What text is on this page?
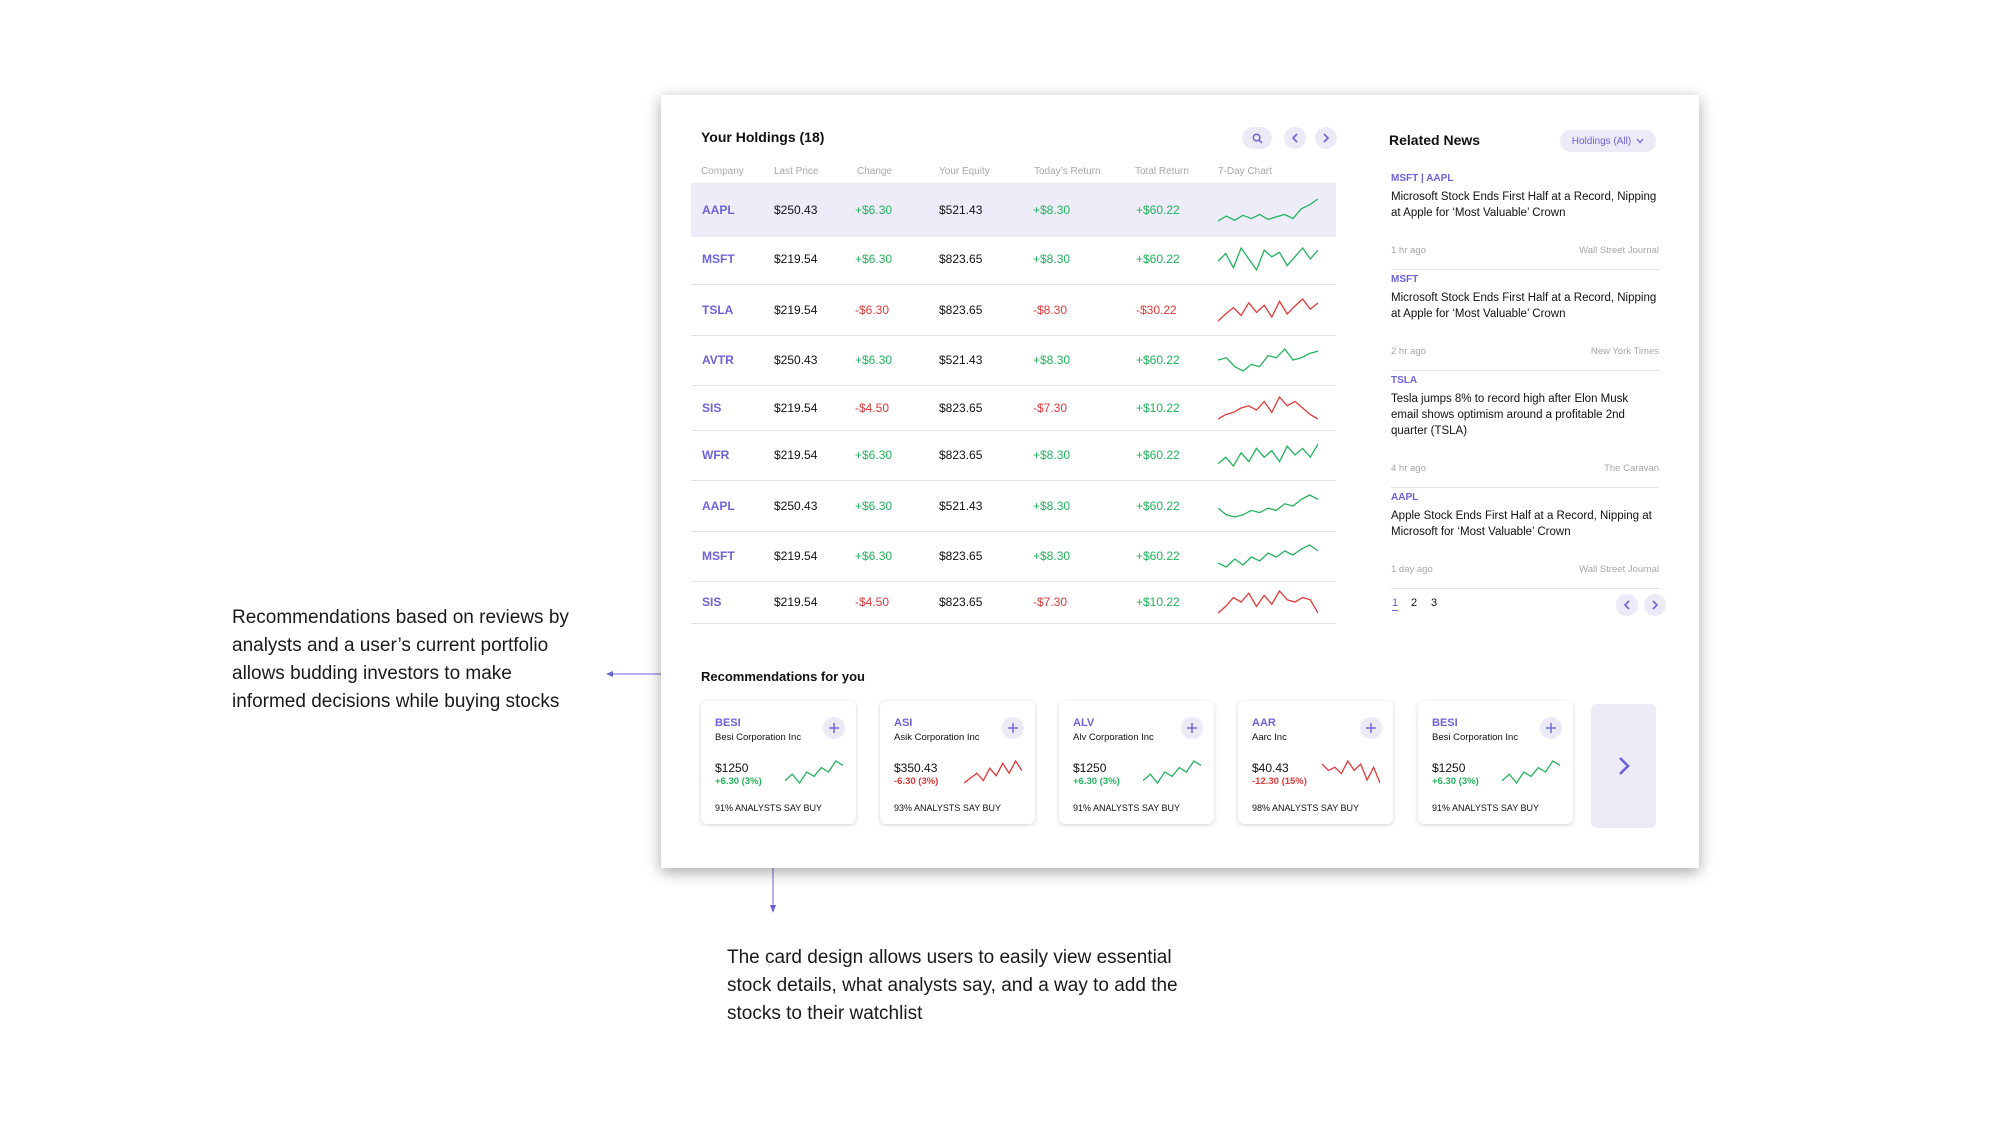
Recommendations based on reviews by analysts and a user’s current portfolio allows budding investors to make informed decisions while buying stocks
The card design allows users to easily view essential stock details, what analysts say, and a way to add the stocks to their watchlist
Your Holdings (18)
Company	Last Price	Change	Your Equity	Today’s Return	Total Return	7-Day Chart
AAPL	$250.43	+$6.30	$521.43	+$8.30	+$60.22
MSFT	$219.54	+$6.30	$823.65	+$8.30	+$60.22
TSLA	$219.54	-$6.30	$823.65	-$8.30	-$30.22
AVTR	$250.43	+$6.30	$521.43	+$8.30	+$60.22
SIS	$219.54	-$4.50	$823.65	-$7.30	+$10.22
WFR	$219.54	+$6.30	$823.65	+$8.30	+$60.22
AAPL	$250.43	+$6.30	$521.43	+$8.30	+$60.22
MSFT	$219.54	+$6.30	$823.65	+$8.30	+$60.22
SIS	$219.54	-$4.50	$823.65	-$7.30	+$10.22
Related News	Holdings (All)
MSFT | AAPL
Microsoft Stock Ends First Half at a Record, Nipping at Apple for ‘Most Valuable’ Crown
1 hr ago	Wall Street Journal
MSFT
Microsoft Stock Ends First Half at a Record, Nipping at Apple for ‘Most Valuable’ Crown
2 hr ago	New York Times
TSLA
Tesla jumps 8% to record high after Elon Musk email shows optimism around a profitable 2nd quarter (TSLA)
4 hr ago	The Caravan
AAPL
Apple Stock Ends First Half at a Record, Nipping at Microsoft for ‘Most Valuable’ Crown
1 day ago	Wall Street Journal
1 2 3
Recommendations for you
BESI
Besi Corporation Inc
$1250
+6.30 (3%)
91% ANALYSTS SAY BUY
ASI
Asik Corporation Inc
$350.43
-6.30 (3%)
93% ANALYSTS SAY BUY
ALV
Alv Corporation Inc
$1250
+6.30 (3%)
91% ANALYSTS SAY BUY
AAR
Aarc Inc
$40.43
-12.30 (15%)
98% ANALYSTS SAY BUY
BESI
Besi Corporation Inc
$1250
+6.30 (3%)
91% ANALYSTS SAY BUY
